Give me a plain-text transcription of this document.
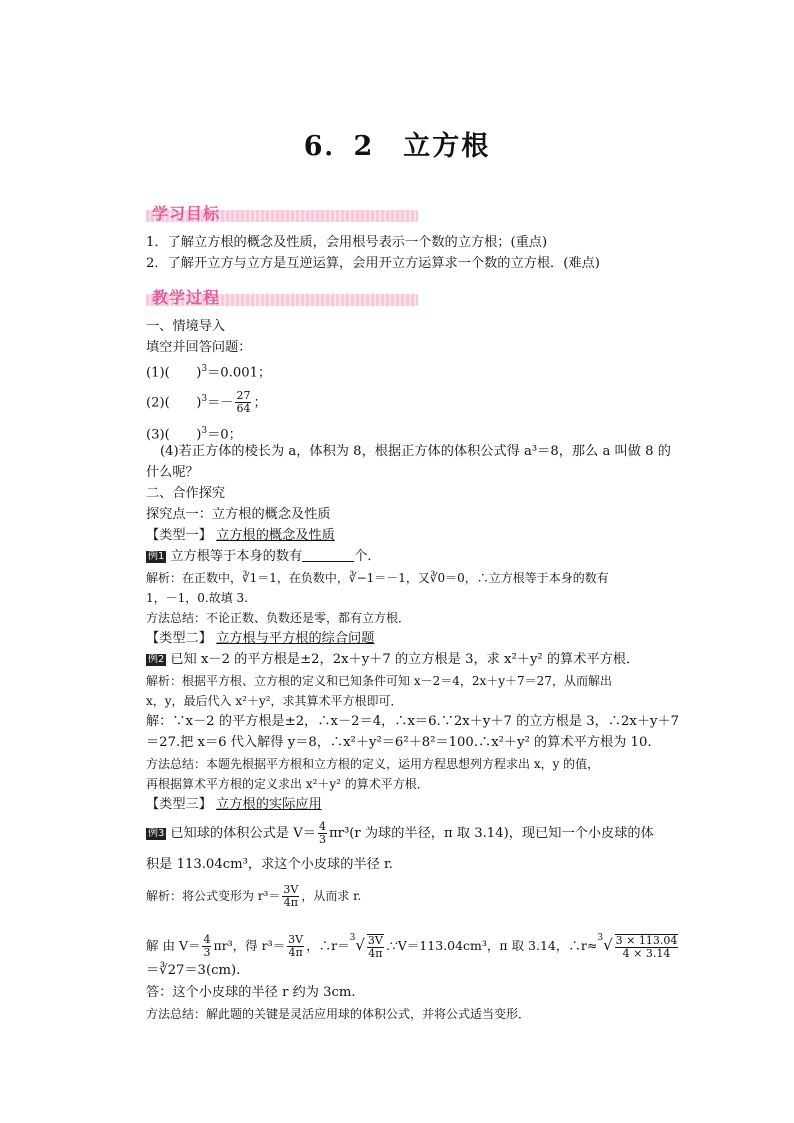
6．2　立方根
学习目标
1．了解立方根的概念及性质，会用根号表示一个数的立方根；(重点)
2．了解开立方与立方是互逆运算，会用开立方运算求一个数的立方根．(难点)
教学过程
一、情境导入
填空并回答问题：
(1)(　　)$^3$＝0.001；
(2)(　　)$^3=- \frac{27}{64}$ ；
(3)(　　)$^3$＝0；
(4)若正方体的棱长为 a，体积为 8，根据正方体的体积公式得 a³＝8，那么 a 叫做 8 的
什么呢？
二、合作探究
探究点一：立方根的概念及性质
【类型一】 立方根的概念及性质
例1 立方根等于本身的数有	个．
解析：在正数中，∛1＝1，在负数中，∛−1＝－1，又∛0＝0，∴立方根等于本身的数有
1，－1，0.故填 3.
方法总结：不论正数、负数还是零，都有立方根．
【类型二】 立方根与平方根的综合问题
例2 已知 x－2 的平方根是±2，2x＋y＋7 的立方根是 3，求 x²＋y² 的算术平方根．
解析：根据平方根、立方根的定义和已知条件可知 x－2＝4，2x＋y＋7＝27，从而解出
x，y，最后代入 x²＋y²，求其算术平方根即可．
解：∵x－2 的平方根是±2，∴x－2＝4，∴x＝6.∵2x＋y＋7 的立方根是 3，∴2x＋y＋7
＝27.把 x＝6 代入解得 y＝8，∴x²＋y²＝6²＋8²＝100.∴x²＋y² 的算术平方根为 10.
方法总结：本题先根据平方根和立方根的定义，运用方程思想列方程求出 x，y 的值，
再根据算术平方根的定义求出 x²＋y² 的算术平方根．
【类型三】 立方根的实际应用
例3 已知球的体积公式是 $V= \frac{4}{3} \pi r^3(r$ 为球的半径，π 取 3.14)，现已知一个小皮球的体
积是 113.04cm³，求这个小皮球的半径 r.
解析：将公式变形为 $r^3= \frac{3V}{4\pi}$ ，从而求 r.
解 由 $V= \frac{4}{3} \pi r^3$，得 $r^3= \frac{3V}{4\pi}$ ，∴r＝$^3$√ $\frac{3V}{4\pi}$ .∵V＝113.04cm³，π 取 3.14，∴r≈$^3$√ $\frac{3 \times 113.04}{4 \times 3.14}$
＝∛27＝3(cm).
答：这个小皮球的半径 r 约为 3cm.
方法总结：解此题的关键是灵活应用球的体积公式，并将公式适当变形．
